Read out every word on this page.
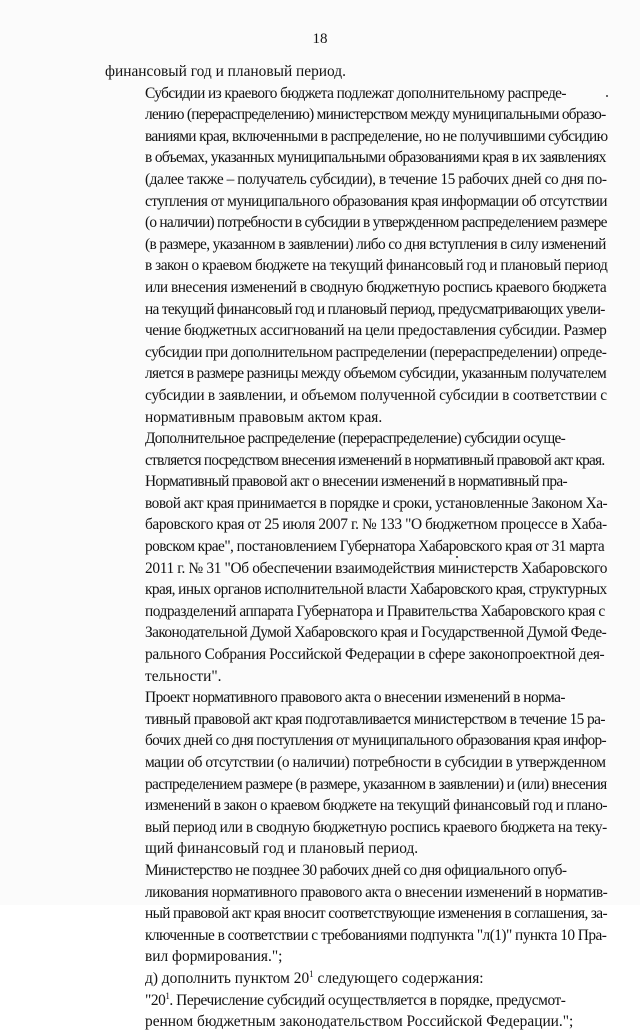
18

финансовый год и плановый период.

Субсидии из краевого бюджета подлежат дополнительному распреде-
лению (перераспределению) министерством между муниципальными образо-
ваниями края, включенными в распределение, но не получившими субсидию
в объемах, указанных муниципальными образованиями края в их заявлениях
(далее также – получатель субсидии), в течение 15 рабочих дней со дня по-
ступления от муниципального образования края информации об отсутствии
(о наличии) потребности в субсидии в утвержденном распределением размере
(в размере, указанном в заявлении) либо со дня вступления в силу изменений
в закон о краевом бюджете на текущий финансовый год и плановый период
или внесения изменений в сводную бюджетную роспись краевого бюджета
на текущий финансовый год и плановый период, предусматривающих увели-
чение бюджетных ассигнований на цели предоставления субсидии. Размер
субсидии при дополнительном распределении (перераспределении) опреде-
ляется в размере разницы между объемом субсидии, указанным получателем
субсидии в заявлении, и объемом полученной субсидии в соответствии с
нормативным правовым актом края.

Дополнительное распределение (перераспределение) субсидии осуще-
ствляется посредством внесения изменений в нормативный правовой акт края.

Нормативный правовой акт о внесении изменений в нормативный пра-
вовой акт края принимается в порядке и сроки, установленные Законом Ха-
баровского края от 25 июля 2007 г. № 133 "О бюджетном процессе в Хаба-
ровском крае", постановлением Губернатора Хабаровского края от 31 марта
2011 г. № 31 "Об обеспечении взаимодействия министерств Хабаровского
края, иных органов исполнительной власти Хабаровского края, структурных
подразделений аппарата Губернатора и Правительства Хабаровского края с
Законодательной Думой Хабаровского края и Государственной Думой Феде-
рального Собрания Российской Федерации в сфере законопроектной дея-
тельности".

Проект нормативного правового акта о внесении изменений в норма-
тивный правовой акт края подготавливается министерством в течение 15 ра-
бочих дней со дня поступления от муниципального образования края инфор-
мации об отсутствии (о наличии) потребности в субсидии в утвержденном
распределением размере (в размере, указанном в заявлении) и (или) внесения
изменений в закон о краевом бюджете на текущий финансовый год и плано-
вый период или в сводную бюджетную роспись краевого бюджета на теку-
щий финансовый год и плановый период.

Министерство не позднее 30 рабочих дней со дня официального опуб-
ликования нормативного правового акта о внесении изменений в норматив-
ный правовой акт края вносит соответствующие изменения в соглашения, за-
ключенные в соответствии с требованиями подпункта "л(1)" пункта 10 Пра-
вил формирования.";

д) дополнить пунктом $20^1$ следующего содержания:

"$20^1$. Перечисление субсидий осуществляется в порядке, предусмот-
ренном бюджетным законодательством Российской Федерации.";
